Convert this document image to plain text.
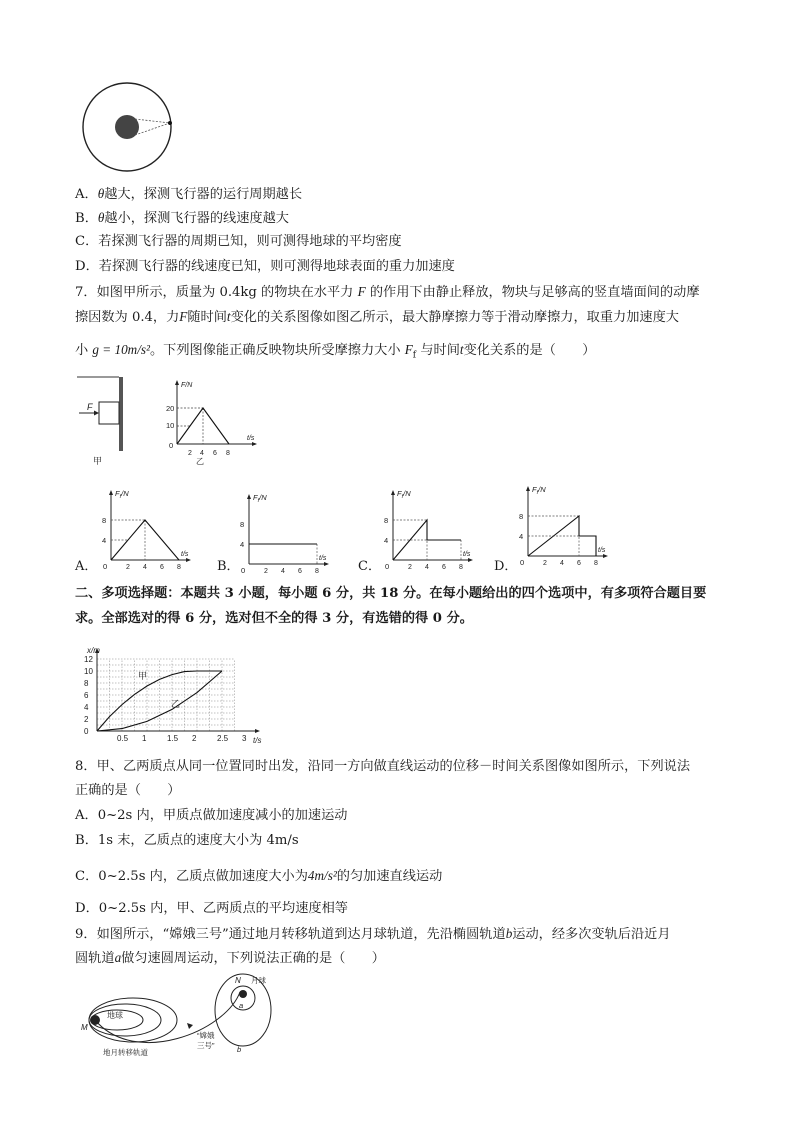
A．θ越大，探测飞行器的运行周期越长
B．θ越小，探测飞行器的线速度越大
C．若探测飞行器的周期已知，则可测得地球的平均密度
D．若探测飞行器的线速度已知，则可测得地球表面的重力加速度
7．如图甲所示，质量为 0.4kg 的物块在水平力 F 的作用下由静止释放，物块与足够高的竖直墙面间的动摩
擦因数为 0.4，力F随时间t变化的关系图像如图乙所示，最大静摩擦力等于滑动摩擦力，取重力加速度大
小 g = 10m/s²。下列图像能正确反映物块所受摩擦力大小 $F_f$ 与时间t变化关系的是（　　）
F
甲
F/N
t/s
20
10
0
2 4 6 8
乙
A．	B．	C．	D．
$F_f/N$
t/s
8
4
0	2 4 6 8
$F_f/N$
t/s
8
4
0	2 4 6 8
$F_f/N$
t/s
8
4
0	2 4 6 8
$F_f/N$
t/s
8
4
0	2 4 6 8
二、多项选择题：本题共 3 小题，每小题 6 分，共 18 分。在每小题给出的四个选项中，有多项符合题目要
求。全部选对的得 6 分，选对但不全的得 3 分，有选错的得 0 分。
12
10
8
6
4
2
0
0.5 1	1.5 2	2.5 3
x/m
t/s
甲
乙
8．甲、乙两质点从同一位置同时出发，沿同一方向做直线运动的位移－时间关系图像如图所示，下列说法
正确的是（　　）
A．0~2s 内，甲质点做加速度减小的加速运动
B．1s 末，乙质点的速度大小为 4m/s
C．0~2.5s 内，乙质点做加速度大小为4m/s²的匀加速直线运动
D．0~2.5s 内，甲、乙两质点的平均速度相等
9．如图所示，“嫦娥三号”通过地月转移轨道到达月球轨道，先沿椭圆轨道b运动，经多次变轨后沿近月
圆轨道a做匀速圆周运动，下列说法正确的是（　　）
M
地球
“嫦娥
三号”
N 月球
a
b
地月转移轨道
